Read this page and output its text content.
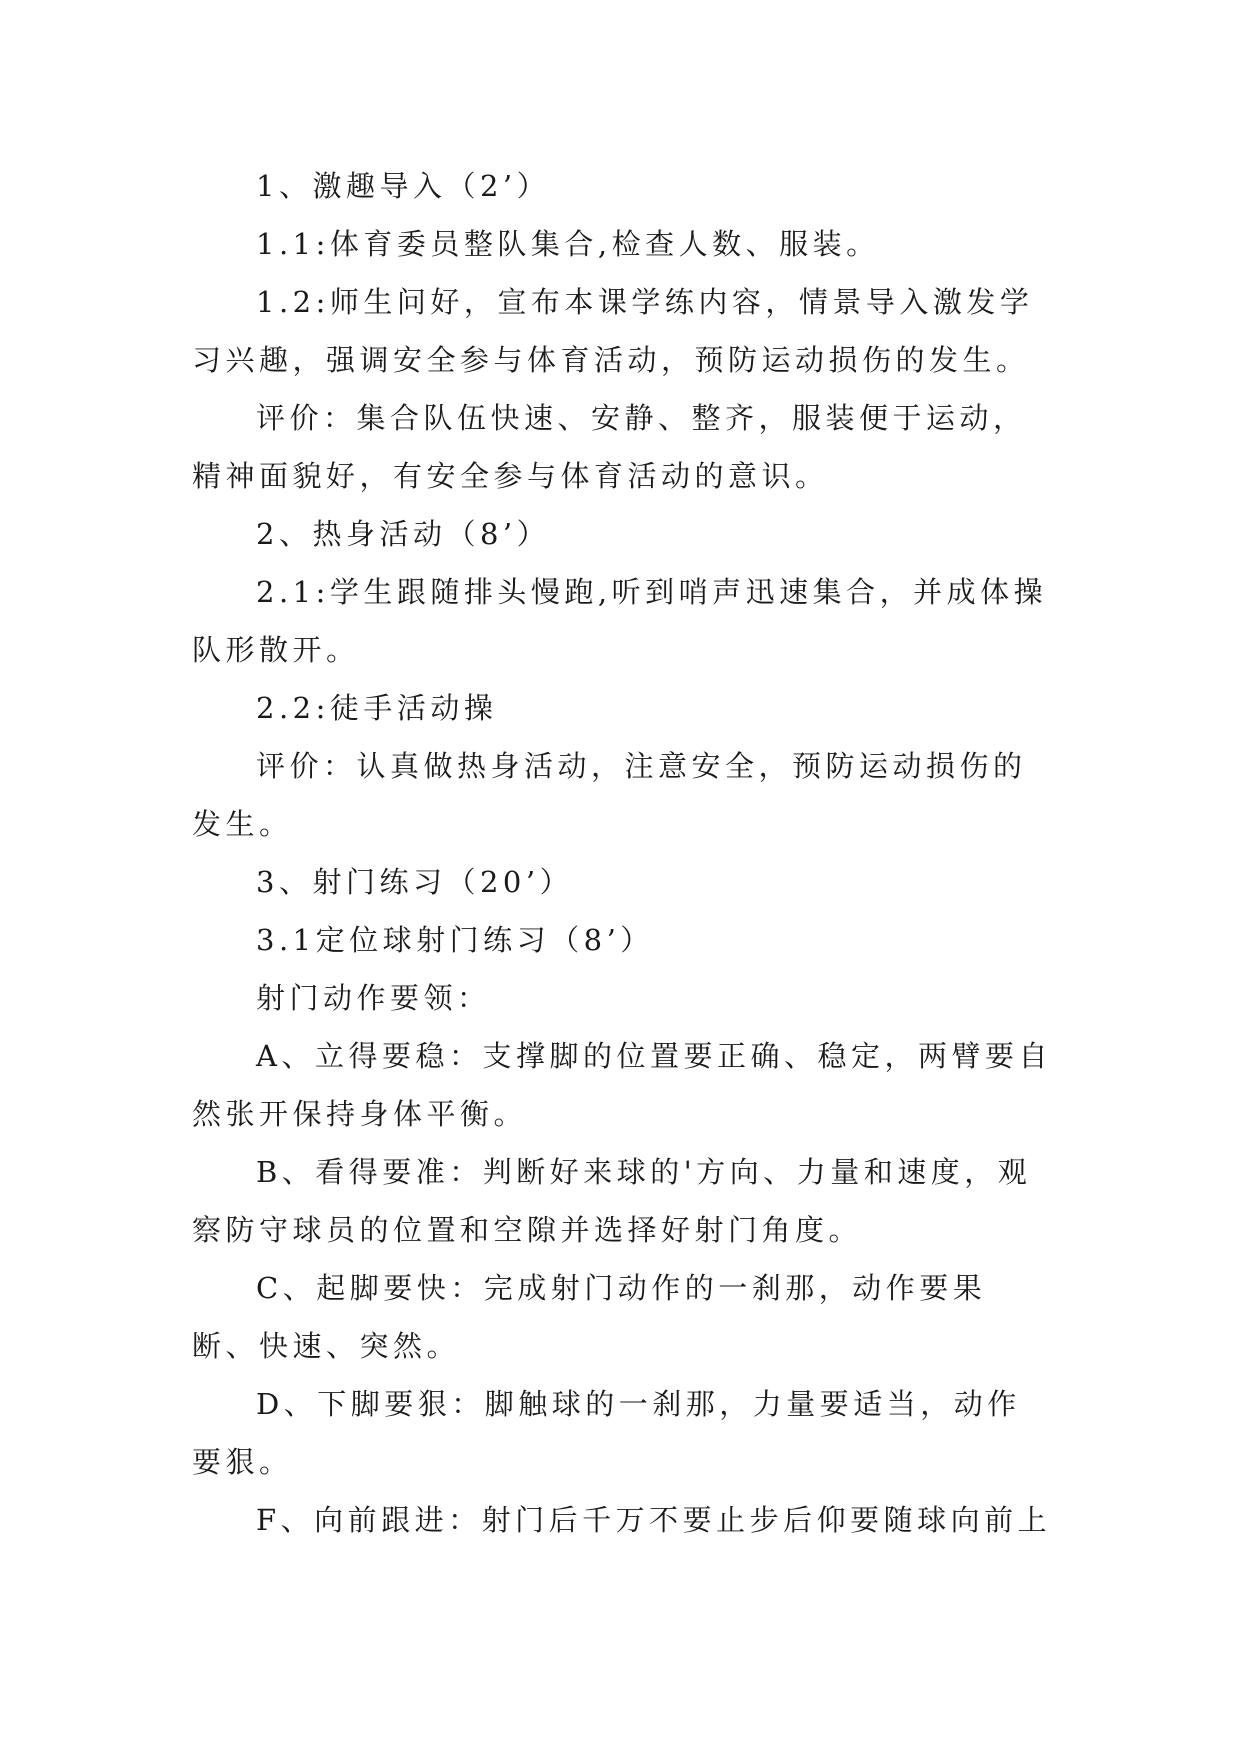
1、激趣导入（2’）

1.1:体育委员整队集合,检查人数、服装。

1.2:师生问好，宣布本课学练内容，情景导入激发学习兴趣，强调安全参与体育活动，预防运动损伤的发生。

评价：集合队伍快速、安静、整齐，服装便于运动，精神面貌好，有安全参与体育活动的意识。

2、热身活动（8’）

2.1:学生跟随排头慢跑,听到哨声迅速集合，并成体操队形散开。

2.2:徒手活动操

评价：认真做热身活动，注意安全，预防运动损伤的发生。

3、射门练习（20’）

3.1定位球射门练习（8’）

射门动作要领：

A、立得要稳：支撑脚的位置要正确、稳定，两臂要自然张开保持身体平衡。

B、看得要准：判断好来球的'方向、力量和速度，观察防守球员的位置和空隙并选择好射门角度。

C、起脚要快：完成射门动作的一刹那，动作要果断、快速、突然。

D、下脚要狠：脚触球的一刹那，力量要适当，动作要狠。

F、向前跟进：射门后千万不要止步后仰要随球向前上
